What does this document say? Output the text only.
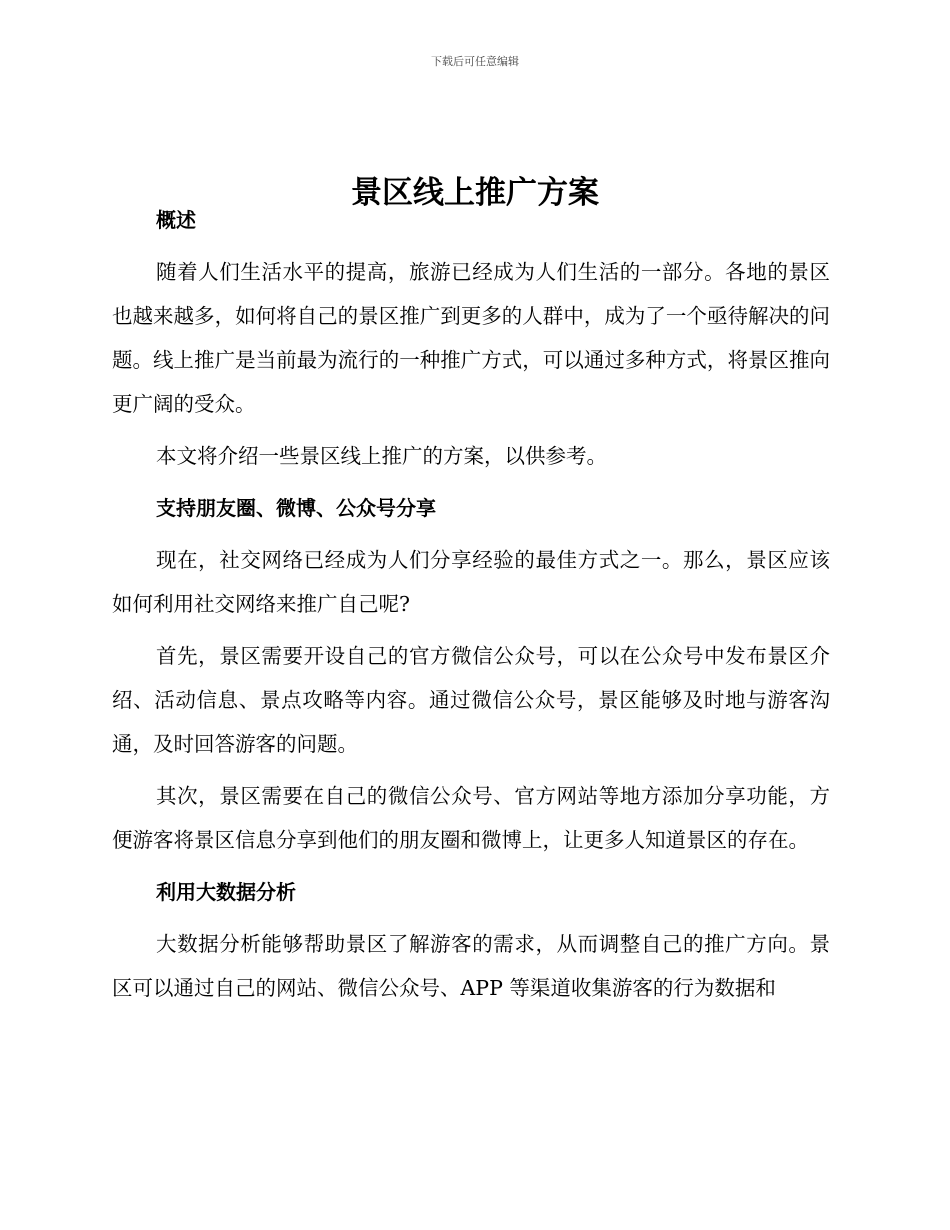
下载后可任意编辑
景区线上推广方案

概述

随着人们生活水平的提高，旅游已经成为人们生活的一部分。各地的景区也越来越多，如何将自己的景区推广到更多的人群中，成为了一个亟待解决的问题。线上推广是当前最为流行的一种推广方式，可以通过多种方式，将景区推向更广阔的受众。

本文将介绍一些景区线上推广的方案，以供参考。

支持朋友圈、微博、公众号分享

现在，社交网络已经成为人们分享经验的最佳方式之一。那么，景区应该如何利用社交网络来推广自己呢?

首先，景区需要开设自己的官方微信公众号，可以在公众号中发布景区介绍、活动信息、景点攻略等内容。通过微信公众号，景区能够及时地与游客沟通，及时回答游客的问题。

其次，景区需要在自己的微信公众号、官方网站等地方添加分享功能，方便游客将景区信息分享到他们的朋友圈和微博上，让更多人知道景区的存在。

利用大数据分析

大数据分析能够帮助景区了解游客的需求，从而调整自己的推广方向。景区可以通过自己的网站、微信公众号、APP 等渠道收集游客的行为数据和
